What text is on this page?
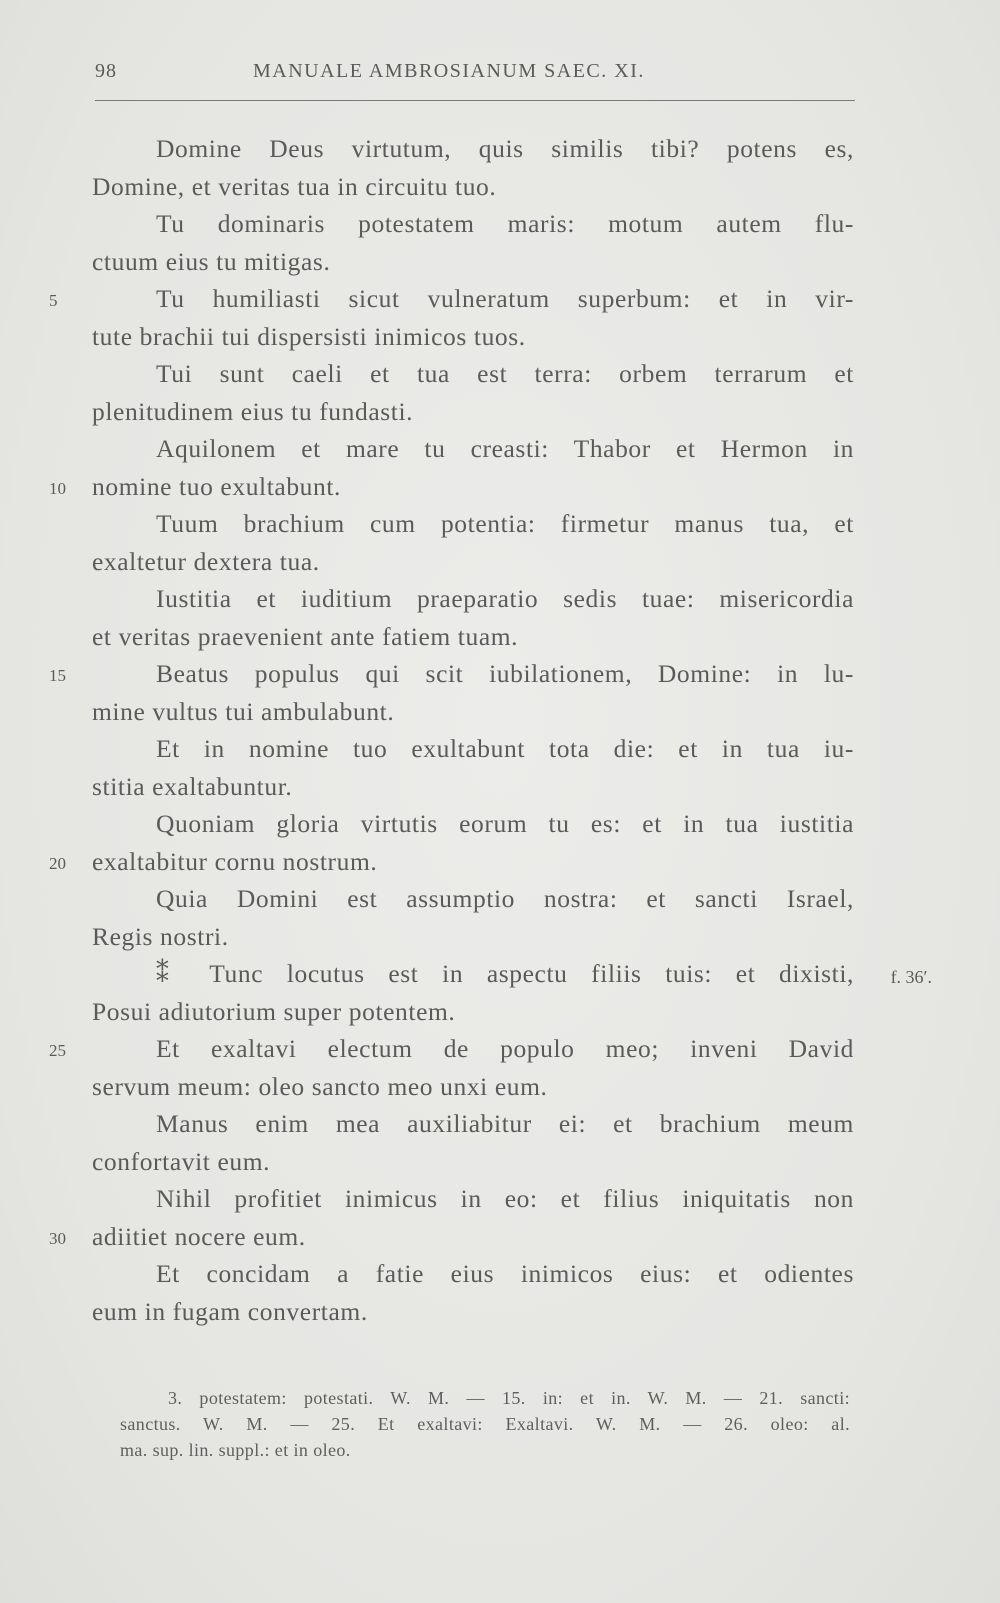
98	MANUALE AMBROSIANUM SAEC. XI.
Domine Deus virtutum, quis similis tibi? potens es,
Domine, et veritas tua in circuitu tuo.
Tu dominaris potestatem maris: motum autem flu-
ctuum eius tu mitigas.
Tu humiliasti sicut vulneratum superbum: et in vir-
5
tute brachii tui dispersisti inimicos tuos.
Tui sunt caeli et tua est terra: orbem terrarum et
plenitudinem eius tu fundasti.
Aquilonem et mare tu creasti: Thabor et Hermon in
nomine tuo exultabunt.
10
Tuum brachium cum potentia: firmetur manus tua, et
exaltetur dextera tua.
Iustitia et iuditium praeparatio sedis tuae: misericordia
et veritas praevenient ante fatiem tuam.
Beatus populus qui scit iubilationem, Domine: in lu-
15
mine vultus tui ambulabunt.
Et in nomine tuo exultabunt tota die: et in tua iu-
stitia exaltabuntur.
Quoniam gloria virtutis eorum tu es: et in tua iustitia
exaltabitur cornu nostrum.
20
Quia Domini est assumptio nostra: et sancti Israel,
Regis nostri.
⁑ Tunc locutus est in aspectu filiis tuis: et dixisti, f. 36′.
Posui adiutorium super potentem.
Et exaltavi electum de populo meo; inveni David
25
servum meum: oleo sancto meo unxi eum.
Manus enim mea auxiliabitur ei: et brachium meum
confortavit eum.
Nihil profitiet inimicus in eo: et filius iniquitatis non
adiitiet nocere eum.
30
Et concidam a fatie eius inimicos eius: et odientes
eum in fugam convertam.
3. potestatem: potestati. W. M. — 15. in: et in. W. M. — 21. sancti:
sanctus. W. M. — 25. Et exaltavi: Exaltavi. W. M. — 26. oleo: al.
ma. sup. lin. suppl.: et in oleo.
